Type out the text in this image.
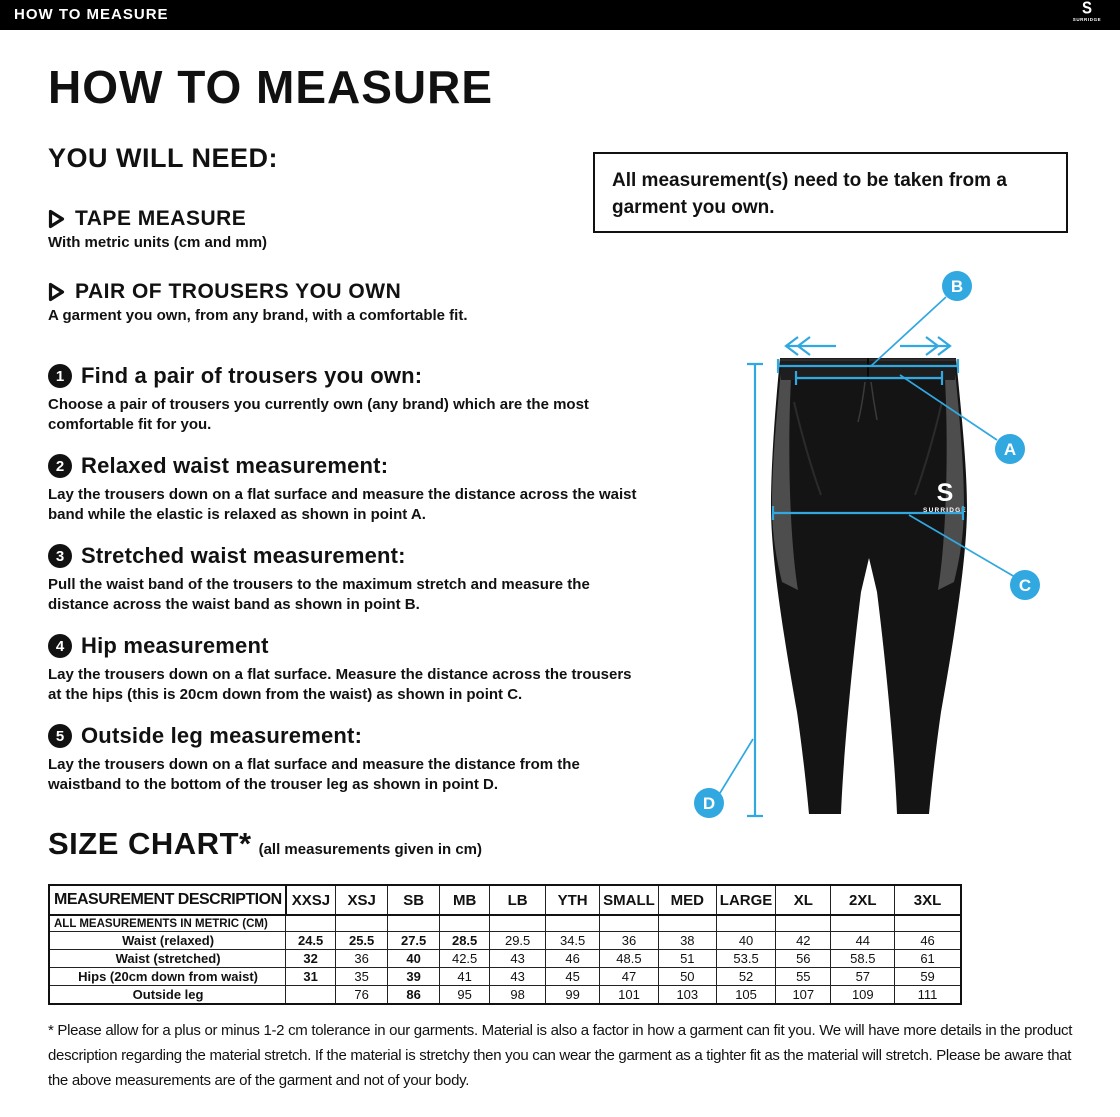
HOW TO MEASURE	S
SURRIDGE
HOW TO MEASURE
YOU WILL NEED:
TAPE MEASURE
With metric units (cm and mm)
PAIR OF TROUSERS YOU OWN
A garment you own, from any brand, with a comfortable fit.
All measurement(s) need to be taken from a garment you own.
1 Find a pair of trousers you own:
Choose a pair of trousers you currently own (any brand) which are the most comfortable fit for you.
2 Relaxed waist measurement:
Lay the trousers down on a flat surface and measure the distance across the waist band while the elastic is relaxed as shown in point A.
3 Stretched waist measurement:
Pull the waist band of the trousers to the maximum stretch and measure the distance across the waist band as shown in point B.
4 Hip measurement
Lay the trousers down on a flat surface. Measure the distance across the trousers at the hips (this is 20cm down from the waist) as shown in point C.
5 Outside leg measurement:
Lay the trousers down on a flat surface and measure the distance from the waistband to the bottom of the trouser leg as shown in point D.
S
SURRIDGE
B
A
C
D
SIZE CHART* (all measurements given in cm)
MEASUREMENT DESCRIPTION	XXSJ	XSJ	SB	MB	LB	YTH	SMALL	MED	LARGE	XL	2XL	3XL
ALL MEASUREMENTS IN METRIC (CM)												
Waist (relaxed)	24.5	25.5	27.5	28.5	29.5	34.5	36	38	40	42	44	46
Waist (stretched)	32	36	40	42.5	43	46	48.5	51	53.5	56	58.5	61
Hips (20cm down from waist)	31	35	39	41	43	45	47	50	52	55	57	59
Outside leg		76	86	95	98	99	101	103	105	107	109	111
* Please allow for a plus or minus 1-2 cm tolerance in our garments. Material is also a factor in how a garment can fit you. We will have more details in the product description regarding the material stretch. If the material is stretchy then you can wear the garment as a tighter fit as the material will stretch. Please be aware that the above measurements are of the garment and not of your body.
